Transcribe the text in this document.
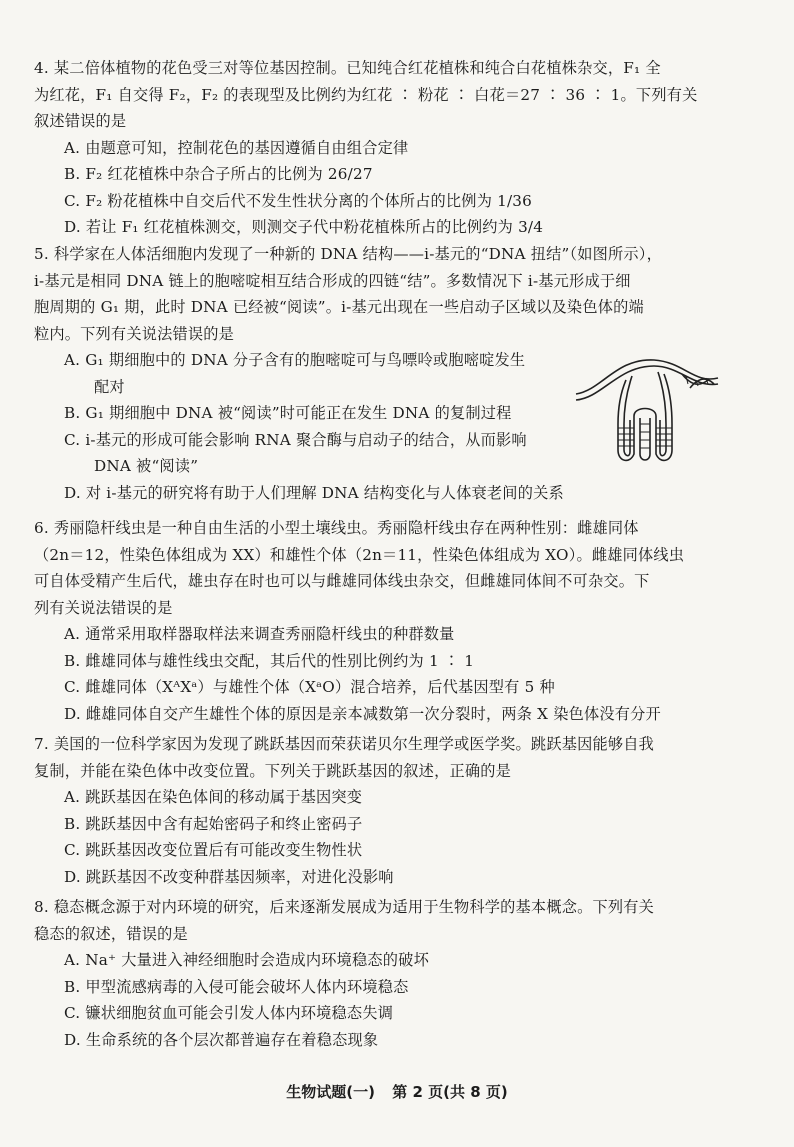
4. 某二倍体植物的花色受三对等位基因控制。已知纯合红花植株和纯合白花植株杂交，F₁ 全
为红花，F₁ 自交得 F₂，F₂ 的表现型及比例约为红花 ∶ 粉花 ∶ 白花＝27 ∶ 36 ∶ 1。下列有关
叙述错误的是
A. 由题意可知，控制花色的基因遵循自由组合定律
B. F₂ 红花植株中杂合子所占的比例为 26/27
C. F₂ 粉花植株中自交后代不发生性状分离的个体所占的比例为 1/36
D. 若让 F₁ 红花植株测交，则测交子代中粉花植株所占的比例约为 3/4
5. 科学家在人体活细胞内发现了一种新的 DNA 结构——i-基元的“DNA 扭结”（如图所示），
i-基元是相同 DNA 链上的胞嘧啶相互结合形成的四链“结”。多数情况下 i-基元形成于细
胞周期的 G₁ 期，此时 DNA 已经被“阅读”。i-基元出现在一些启动子区域以及染色体的端
粒内。下列有关说法错误的是
A. G₁ 期细胞中的 DNA 分子含有的胞嘧啶可与鸟嘌呤或胞嘧啶发生
配对
B. G₁ 期细胞中 DNA 被“阅读”时可能正在发生 DNA 的复制过程
C. i-基元的形成可能会影响 RNA 聚合酶与启动子的结合，从而影响
DNA 被“阅读”
D. 对 i-基元的研究将有助于人们理解 DNA 结构变化与人体衰老间的关系
6. 秀丽隐杆线虫是一种自由生活的小型土壤线虫。秀丽隐杆线虫存在两种性别：雌雄同体
（2n＝12，性染色体组成为 XX）和雄性个体（2n＝11，性染色体组成为 XO）。雌雄同体线虫
可自体受精产生后代，雄虫存在时也可以与雌雄同体线虫杂交，但雌雄同体间不可杂交。下
列有关说法错误的是
A. 通常采用取样器取样法来调查秀丽隐杆线虫的种群数量
B. 雌雄同体与雄性线虫交配，其后代的性别比例约为 1 ∶ 1
C. 雌雄同体（XᴬXᵃ）与雄性个体（XᵃO）混合培养，后代基因型有 5 种
D. 雌雄同体自交产生雄性个体的原因是亲本减数第一次分裂时，两条 X 染色体没有分开
7. 美国的一位科学家因为发现了跳跃基因而荣获诺贝尔生理学或医学奖。跳跃基因能够自我
复制，并能在染色体中改变位置。下列关于跳跃基因的叙述，正确的是
A. 跳跃基因在染色体间的移动属于基因突变
B. 跳跃基因中含有起始密码子和终止密码子
C. 跳跃基因改变位置后有可能改变生物性状
D. 跳跃基因不改变种群基因频率，对进化没影响
8. 稳态概念源于对内环境的研究，后来逐渐发展成为适用于生物科学的基本概念。下列有关
稳态的叙述，错误的是
A. Na⁺ 大量进入神经细胞时会造成内环境稳态的破坏
B. 甲型流感病毒的入侵可能会破坏人体内环境稳态
C. 镰状细胞贫血可能会引发人体内环境稳态失调
D. 生命系统的各个层次都普遍存在着稳态现象
生物试题(一) 第 2 页(共 8 页)
